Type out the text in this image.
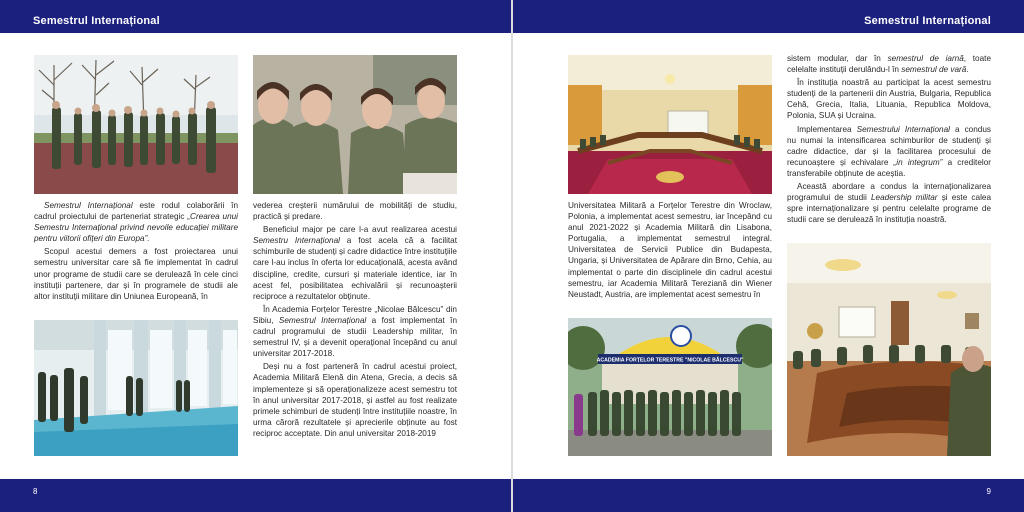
Semestrul Internațional

Semestrul Internațional este rodul colaborării în cadrul proiectului de parteneriat strategic „Crearea unui Semestru Internațional privind nevoile educației militare pentru viitorii ofițeri din Europa”.

Scopul acestui demers a fost proiectarea unui semestru universitar care să fie implementat în cadrul unor programe de studii care se derulează în cele cinci instituții partenere, dar și în programele de studii ale altor instituții militare din Uniunea Europeană, în

vederea creșterii numărului de mobilități de studiu, practică și predare.

Beneficiul major pe care l-a avut realizarea acestui Semestru Internațional a fost acela că a facilitat schimburile de studenți și cadre didactice între instituțiile care l-au inclus în oferta lor educațională, acesta având discipline, credite, cursuri și materiale identice, iar în acest fel, posibilitatea echivalării și recunoașterii reciproce a rezultatelor obținute.

În Academia Forțelor Terestre „Nicolae Bălcescu” din Sibiu, Semestrul Internațional a fost implementat în cadrul programului de studii Leadership militar, în semestrul IV, și a devenit operațional începând cu anul universitar 2017-2018.

Deși nu a fost parteneră în cadrul acestui proiect, Academia Militară Elenă din Atena, Grecia, a decis să implementeze și să operaționalizeze acest semestru tot în anul universitar 2017-2018, și astfel au fost realizate primele schimburi de studenți între instituțiile noastre, în urma căroră rezultatele și aprecierile obținute au fost reciproc acceptate. Din anul universitar 2018-2019

8
Semestrul Internațional

Universitatea Militară a Forțelor Terestre din Wroclaw, Polonia, a implementat acest semestru, iar începând cu anul 2021-2022 și Academia Militară din Lisabona, Portugalia, a implementat semestrul integral. Universitatea de Servicii Publice din Budapesta, Ungaria, și Universitatea de Apărare din Brno, Cehia, au implementat o parte din disciplinele din cadrul acestui semestru, iar Academia Militară Tereziană din Wiener Neustadt, Austria, are implementat acest semestru în

ACADEMIA FORȚELOR TERESTRE "NICOLAE BĂLCESCU"

sistem modular, dar în semestrul de iarnă, toate celelalte instituții derulându-l în semestrul de vară.

În instituția noastră au participat la acest semestru studenți de la partenerii din Austria, Bulgaria, Republica Cehă, Grecia, Italia, Lituania, Republica Moldova, Polonia, SUA și Ucraina.

Implementarea Semestrului Internațional a condus nu numai la intensificarea schimburilor de studenți și cadre didactice, dar și la facilitarea procesului de recunoaștere și echivalare „in integrum” a creditelor transferabile obținute de aceștia.

Această abordare a condus la internaționalizarea programului de studii Leadership militar și este calea spre internaționalizare și pentru celelalte programe de studii care se derulează în instituția noastră.

9
